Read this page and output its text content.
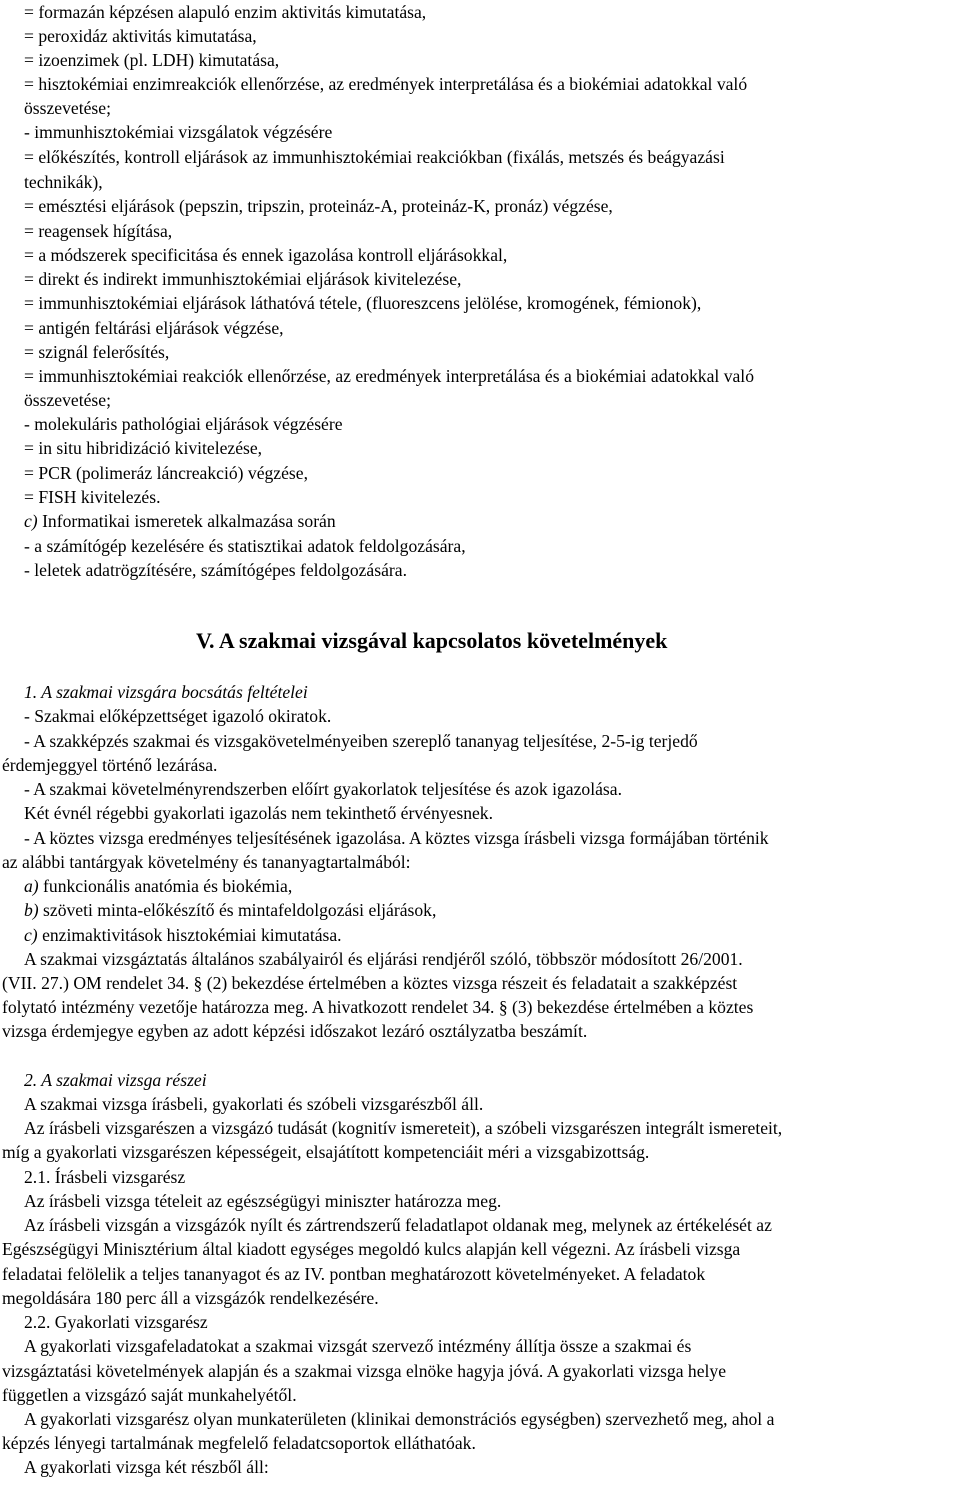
= formazán képzésen alapuló enzim aktivitás kimutatása,
= peroxidáz aktivitás kimutatása,
= izoenzimek (pl. LDH) kimutatása,
= hisztokémiai enzimreakciók ellenőrzése, az eredmények interpretálása és a biokémiai adatokkal való
összevetése;
- immunhisztokémiai vizsgálatok végzésére
= előkészítés, kontroll eljárások az immunhisztokémiai reakciókban (fixálás, metszés és beágyazási
technikák),
= emésztési eljárások (pepszin, tripszin, proteináz-A, proteináz-K, pronáz) végzése,
= reagensek hígítása,
= a módszerek specificitása és ennek igazolása kontroll eljárásokkal,
= direkt és indirekt immunhisztokémiai eljárások kivitelezése,
= immunhisztokémiai eljárások láthatóvá tétele, (fluoreszcens jelölése, kromogének, fémionok),
= antigén feltárási eljárások végzése,
= szignál felerősítés,
= immunhisztokémiai reakciók ellenőrzése, az eredmények interpretálása és a biokémiai adatokkal való
összevetése;
- molekuláris pathológiai eljárások végzésére
= in situ hibridizáció kivitelezése,
= PCR (polimeráz láncreakció) végzése,
= FISH kivitelezés.
c) Informatikai ismeretek alkalmazása során
- a számítógép kezelésére és statisztikai adatok feldolgozására,
- leletek adatrögzítésére, számítógépes feldolgozására.
V. A szakmai vizsgával kapcsolatos követelmények
1. A szakmai vizsgára bocsátás feltételei
- Szakmai előképzettséget igazoló okiratok.
- A szakképzés szakmai és vizsgakövetelményeiben szereplő tananyag teljesítése, 2-5-ig terjedő
érdemjeggyel történő lezárása.
- A szakmai követelményrendszerben előírt gyakorlatok teljesítése és azok igazolása.
Két évnél régebbi gyakorlati igazolás nem tekinthető érvényesnek.
- A köztes vizsga eredményes teljesítésének igazolása. A köztes vizsga írásbeli vizsga formájában történik
az alábbi tantárgyak követelmény és tananyagtartalmából:
a) funkcionális anatómia és biokémia,
b) szöveti minta-előkészítő és mintafeldolgozási eljárások,
c) enzimaktivitások hisztokémiai kimutatása.
A szakmai vizsgáztatás általános szabályairól és eljárási rendjéről szóló, többször módosított 26/2001.
(VII. 27.) OM rendelet 34. § (2) bekezdése értelmében a köztes vizsga részeit és feladatait a szakképzést
folytató intézmény vezetője határozza meg. A hivatkozott rendelet 34. § (3) bekezdése értelmében a köztes
vizsga érdemjegye egyben az adott képzési időszakot lezáró osztályzatba beszámít.
2. A szakmai vizsga részei
A szakmai vizsga írásbeli, gyakorlati és szóbeli vizsgarészből áll.
Az írásbeli vizsgarészen a vizsgázó tudását (kognitív ismereteit), a szóbeli vizsgarészen integrált ismereteit,
míg a gyakorlati vizsgarészen képességeit, elsajátított kompetenciáit méri a vizsgabizottság.
2.1. Írásbeli vizsgarész
Az írásbeli vizsga tételeit az egészségügyi miniszter határozza meg.
Az írásbeli vizsgán a vizsgázók nyílt és zártrendszerű feladatlapot oldanak meg, melynek az értékelését az
Egészségügyi Minisztérium által kiadott egységes megoldó kulcs alapján kell végezni. Az írásbeli vizsga
feladatai felölelik a teljes tananyagot és az IV. pontban meghatározott követelményeket. A feladatok
megoldására 180 perc áll a vizsgázók rendelkezésére.
2.2. Gyakorlati vizsgarész
A gyakorlati vizsgafeladatokat a szakmai vizsgát szervező intézmény állítja össze a szakmai és
vizsgáztatási követelmények alapján és a szakmai vizsga elnöke hagyja jóvá. A gyakorlati vizsga helye
független a vizsgázó saját munkahelyétől.
A gyakorlati vizsgarész olyan munkaterületen (klinikai demonstrációs egységben) szervezhető meg, ahol a
képzés lényegi tartalmának megfelelő feladatcsoportok elláthatóak.
A gyakorlati vizsga két részből áll:
